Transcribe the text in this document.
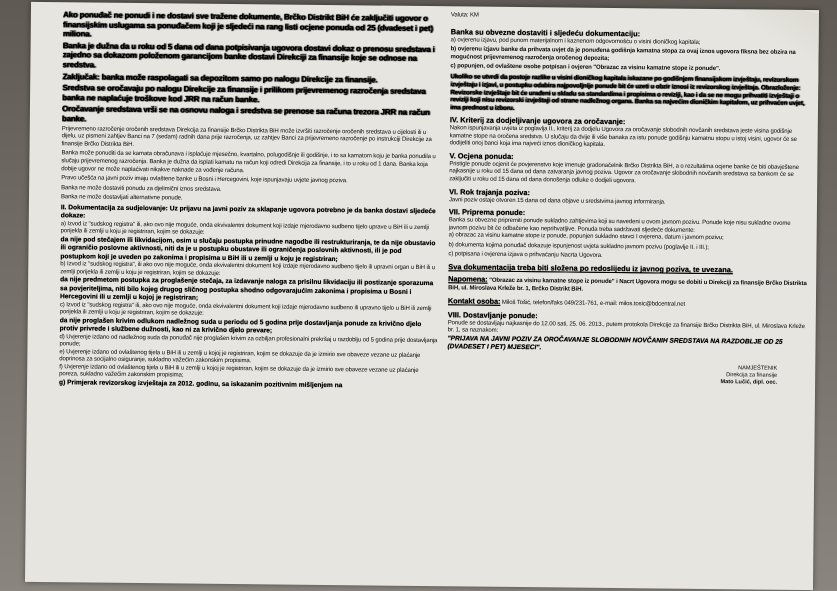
Ako ponuđač ne ponudi i ne dostavi sve tražene dokumente, Brčko Distrikt BiH će zaključiti ugovor o finansijskim uslugama sa ponuđačem koji je sljedeći na rang listi ocjene ponuda od 25 (dvadeset i pet) miliona.

Banka je dužna da u roku od 5 dana od dana potpisivanja ugovora dostavi dokaz o prenosu sredstava i zajedno sa dokazom položenom garancijom banke dostavi Direkciji za finansije koje se odnose na sredstva.

Zaključak: banka može raspolagati sa depozitom samo po nalogu Direkcije za finansije.

Sredstva se oročavaju po nalogu Direkcije za finansije i prilikom prijevremenog razročenja sredstava banka ne naplaćuje troškove kod JRR na račun banke.

Oročavanje sredstava vrši se na osnovu naloga i sredstva se prenose sa računa trezora JRR na račun banke.

Prijevremeno razročenje oročenih sredstava Direkcija za finansije Brčko Distrikta BiH može izvršiti razročenje oročenih sredstava u cijelosti ili u dijelu, uz pismeni zahtjev Banci na 7 (sedam) radnih dana prije razročenja, uz zahtjev Banci za prijevremeno razročenje po instrukciji Direkcije za finansije Brčko Distrikta BiH.

Banka može ponuditi da se kamata obračunava i isplaćuje mjesečno, kvartalno, polugodišnje ili godišnje, i to sa kamatom koju je banka ponudila u slučaju prijevremenog razročenja. Banka je dužna da isplati kamatu na račun koji odredi Direkcija za finansije, i to u roku od 1 dana. Banka koja dobije ugovor ne može naplaćivati nikakve naknade za vođenje računa.

Pravo učešća na javni poziv imaju ovlaštene banke u Bosni i Hercegovini, koje ispunjavaju uvjete javnog poziva.

Banka ne može dostaviti ponudu za djelimični iznos sredstava.

Banka ne može dostavljati alternativne ponude.

II. Dokumentacija za sudjelovanje: Uz prijavu na javni poziv za sklapanje ugovora potrebno je da banka dostavi sljedeće dokaze:
a) Izvod iz "sudskog registra" ili, ako ovo nije moguće, onda ekvivalentni dokument koji izdaje mjerodavno sudbeno tijelo uprave u BiH ili u zemlji porijekla ili zemlji u koju je registriran, kojim se dokazuje:
da nije pod stečajem ili likvidacijom, osim u slučaju postupka prinudne nagodbe ili restrukturiranja, te da nije obustavio ili ograničio poslovne aktivnosti, niti da je u postupku obustave ili ograničenja poslovnih aktivnosti, ili je pod postupkom koji je uveden po zakonima i propisima u BiH ili u zemlji u koju je registriran;
b) Izvod iz "sudskog registra", ili ako ovo nije moguće, onda ekvivalentni dokument koji izdaje mjerodavno sudbeno tijelo ili upravni organ u BiH ili u zemlji porijekla ili zemlji u koju je registriran, kojim se dokazuje:
da nije predmetom postupka za proglašenje stečaja, za izdavanje naloga za prisilnu likvidaciju ili postizanje sporazuma sa povjeriteljima, niti bilo kojeg drugog sličnog postupka shodno odgovarajućim zakonima i propisima u Bosni i Hercegovini ili u zemlji u kojoj je registriran;
c) Izvod iz "sudskog registra" ili, ako ovo nije moguće, onda ekvivalentni dokument koji izdaje mjerodavno sudbeno ili upravno tijelo u BiH ili zemlji porijekla ili zemlji u koju je registriran, kojim se dokazuje:
da nije proglašen krivim odlukom nadležnog suda u periodu od 5 godina prije dostavljanja ponude za krivično djelo protiv privrede i službene dužnosti, kao ni za krivično djelo prevare;
d) Uvjerenje izdano od nadležnog suda da ponuđač nije proglašen krivim za ozbiljan profesionalni prekršaj u razdoblju od 5 godina prije dostavljanja ponude;
e) Uvjerenje izdano od ovlaštenog tijela u BiH ili u zemlji u kojoj je registriran, kojim se dokazuje da je izmirio sve obaveze vezane uz plaćanje doprinosa za socijalno osiguranje, sukladno važećim zakonskim propisima.
f) Uvjerenje izdano od ovlaštenog tijela u BiH ili u zemlji u kojoj je registriran, kojim se dokazuje da je izmirio sve obaveze vezane uz plaćanje poreza, sukladno važećim zakonskim propisima;
g) Primjerak revizorskog izvještaja za 2012. godinu, sa iskazanim pozitivnim mišljenjem na
Valuta: KM
Banka su obvezne dostaviti i sljedeću dokumentaciju:

a) ovjerenu izjavu, pod punom materijalnom i kaznenom odgovornošću o visini dioničkog kapitala;

b) ovjerenu izjavu banke da prihvata uvjet da je ponuđena godišnja kamatna stopa za ovaj iznos ugovora fiksna bez obzira na mogućnost prijevremenog razročenja oročenog depozita;

c) popunjen, od ovlaštene osobe potpisan i ovjeren "Obrazac za visinu kamatne stope iz ponude".

Ukoliko se utvrdi da postoje razlike u visini dioničkog kapitala iskazane po godišnjem finansijskom izvještaju, revizorskom izvještaju i izjavi, u postupku odabira najpovoljnije ponude bit će uzeti u obzir iznosi iz revizorskog izvještaja. Obrazloženje: Revizorske izvještaje bit će urađeni u skladu sa standardima i propisima o reviziji, kao i da se ne mogu prihvatiti izvještaji o reviziji koji nisu revizorski izvještaji od strane nadležnog organa. Banka sa najvećim dioničkim kapitalom, uz prihvaćen uvjet, ima prednost u izboru.
IV. Kriterij za dodjeljivanje ugovora za oročavanje:
Nakon ispunjavanja uvjeta iz poglavlja II., kriterij za dodjelu Ugovora za oročavanje slobodnih novčanih sredstava jeste visina godišnje kamatne stope na oročena sredstva. U slučaju da dvije ili više banaka za istu ponude godišnju kamatnu stopu u istoj visini, ugovor će se dodijeliti onoj banci koja ima najveći iznos dioničkog kapitala.
V. Ocjena ponuda:
Pristigle ponude ocjenit će povjerenstvo koje imenuje gradonačelnik Brčko Distrikta BiH, a o rezultatima ocjene banke će biti obavještene najkasnije u roku od 15 dana od dana zatvaranja javnog poziva. Ugovor za oročavanje slobodnih novčanih sredstava sa bankom će se zaključiti u roku od 15 dana od dana donošenja odluke o dodjeli ugovora.
VI. Rok trajanja poziva:
Javni poziv ostaje otvoren 15 dana od dana objave u sredstvima javnog informiranja.
VII. Priprema ponude:
Banka su obvezne pripremiti ponude sukladno zahtjevima koji su navedeni u ovom javnom pozivu. Ponude koje nisu sukladne ovome javnom pozivu bit će odbačene kao neprihvatljive. Ponuda treba sadržavati sljedeće dokumente:

a) obrazac za visinu kamatne stope iz ponude, popunjen sukladno stavci I ovjerena, datum i javnom pozivu;

b) dokumenta kojima ponuđač dokazuje ispunjenost uvjeta sukladno javnom pozivu (poglavlje II. i III.);

c) potpisana i ovjerena izjava o prihvaćanju Nacrta Ugovora.

Sva dokumentacija treba biti složena po redoslijedu iz javnog poziva, te uvezana.
Napomena: "Obrazac za visinu kamatne stope iz ponude" i Nacrt Ugovora mogu se dobiti u Direkciji za finansije Brčko Distrikta BiH, ul. Miroslava Krleže br. 1, Brčko Distrikt BiH.
Kontakt osoba: Miloš Tošić, telefon/faks 049/231-761, e-mail: milos.tosic@bdcentral.net
VIII. Dostavljanje ponude:
Ponude se dostavljaju najkasnije do 12.00 sati, 25. 06. 2013., putem protokola Direkcije za finansije Brčko Distrikta BiH, ul. Miroslava Krleže br. 1, sa naznakom:
"PRIJAVA NA JAVNI POZIV ZA OROČAVANJE SLOBODNIH NOVČANIH SREDSTAVA NA RAZDOBLJE OD 25 (DVADESET I PET) MJESECI".
NAMJEŠTENIK
Direkcija za finansije
Mato Lučić, dipl. oec.
